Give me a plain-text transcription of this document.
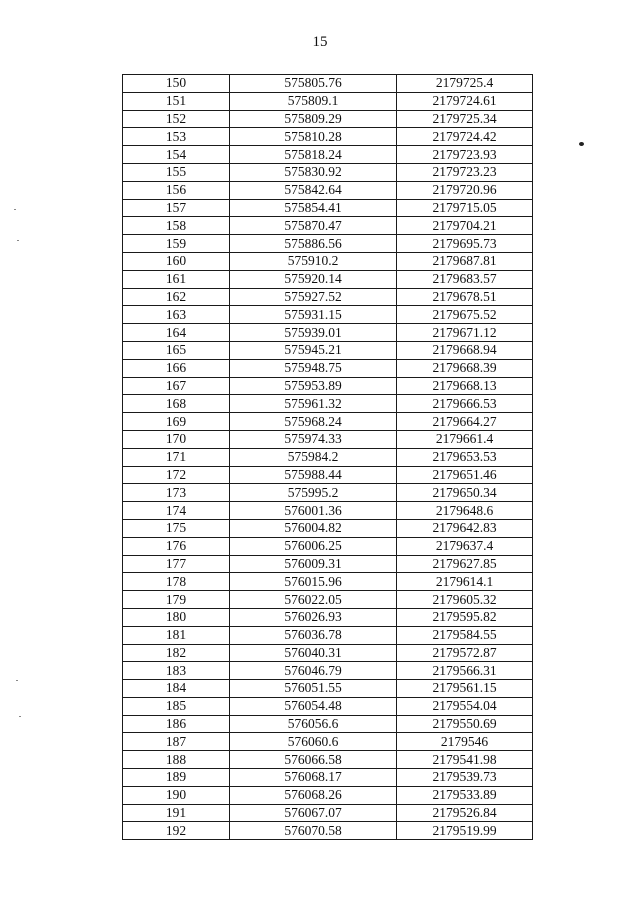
15
150	575805.76	2179725.4
151	575809.1	2179724.61
152	575809.29	2179725.34
153	575810.28	2179724.42
154	575818.24	2179723.93
155	575830.92	2179723.23
156	575842.64	2179720.96
157	575854.41	2179715.05
158	575870.47	2179704.21
159	575886.56	2179695.73
160	575910.2	2179687.81
161	575920.14	2179683.57
162	575927.52	2179678.51
163	575931.15	2179675.52
164	575939.01	2179671.12
165	575945.21	2179668.94
166	575948.75	2179668.39
167	575953.89	2179668.13
168	575961.32	2179666.53
169	575968.24	2179664.27
170	575974.33	2179661.4
171	575984.2	2179653.53
172	575988.44	2179651.46
173	575995.2	2179650.34
174	576001.36	2179648.6
175	576004.82	2179642.83
176	576006.25	2179637.4
177	576009.31	2179627.85
178	576015.96	2179614.1
179	576022.05	2179605.32
180	576026.93	2179595.82
181	576036.78	2179584.55
182	576040.31	2179572.87
183	576046.79	2179566.31
184	576051.55	2179561.15
185	576054.48	2179554.04
186	576056.6	2179550.69
187	576060.6	2179546
188	576066.58	2179541.98
189	576068.17	2179539.73
190	576068.26	2179533.89
191	576067.07	2179526.84
192	576070.58	2179519.99
